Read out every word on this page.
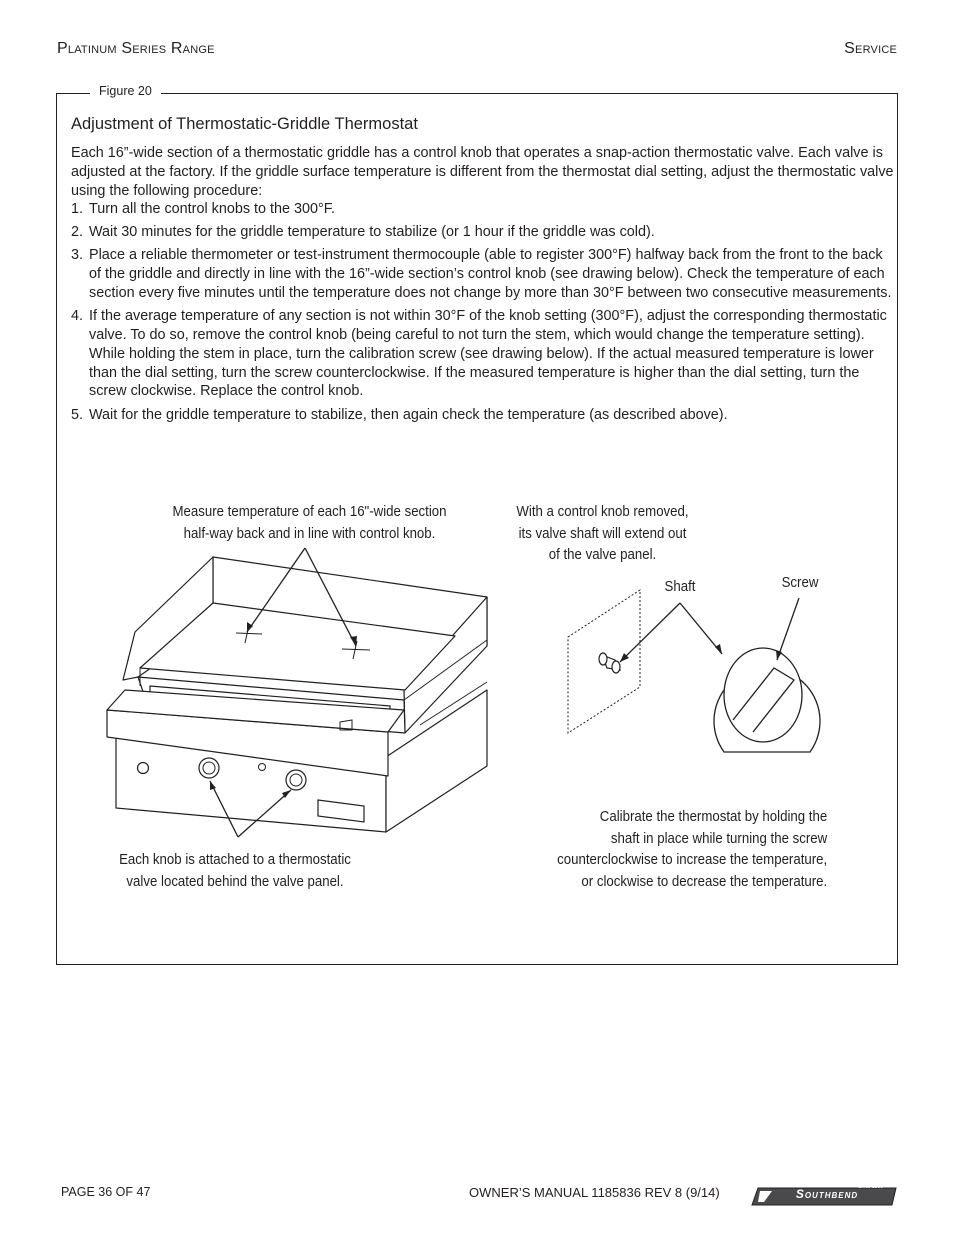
Platinum Series Range	Service
Figure 20
Adjustment of Thermostatic-Griddle Thermostat

Each 16”-wide section of a thermostatic griddle has a control knob that operates a snap-action thermostatic valve. Each valve is adjusted at the factory. If the griddle surface temperature is different from the thermostat dial setting, adjust the thermostatic valve using the following procedure:

1. Turn all the control knobs to the 300°F.
2. Wait 30 minutes for the griddle temperature to stabilize (or 1 hour if the griddle was cold).
3. Place a reliable thermometer or test-instrument thermocouple (able to register 300°F) halfway back from the front to the back of the griddle and directly in line with the 16”-wide section’s control knob (see drawing below). Check the temperature of each section every five minutes until the temperature does not change by more than 30°F between two consecutive measurements.
4. If the average temperature of any section is not within 30°F of the knob setting (300°F), adjust the corresponding thermostatic valve. To do so, remove the control knob (being careful to not turn the stem, which would change the temperature setting). While holding the stem in place, turn the calibration screw (see drawing below). If the actual measured temperature is lower than the dial setting, turn the screw counterclockwise. If the measured temperature is higher than the dial setting, turn the screw clockwise. Replace the control knob.
5. Wait for the griddle temperature to stabilize, then again check the temperature (as described above).
Measure temperature of each 16"-wide section
half-way back and in line with control knob.
With a control knob removed,
its valve shaft will extend out
of the valve panel.
Shaft	Screw
Each knob is attached to a thermostatic
valve located behind the valve panel.
Calibrate the thermostat by holding the
shaft in place while turning the screw
counterclockwise to increase the temperature,
or clockwise to decrease the temperature.
PAGE 36 OF 47	OWNER’S MANUAL 1185836 REV 8 (9/14)	Southbend Since 1898
